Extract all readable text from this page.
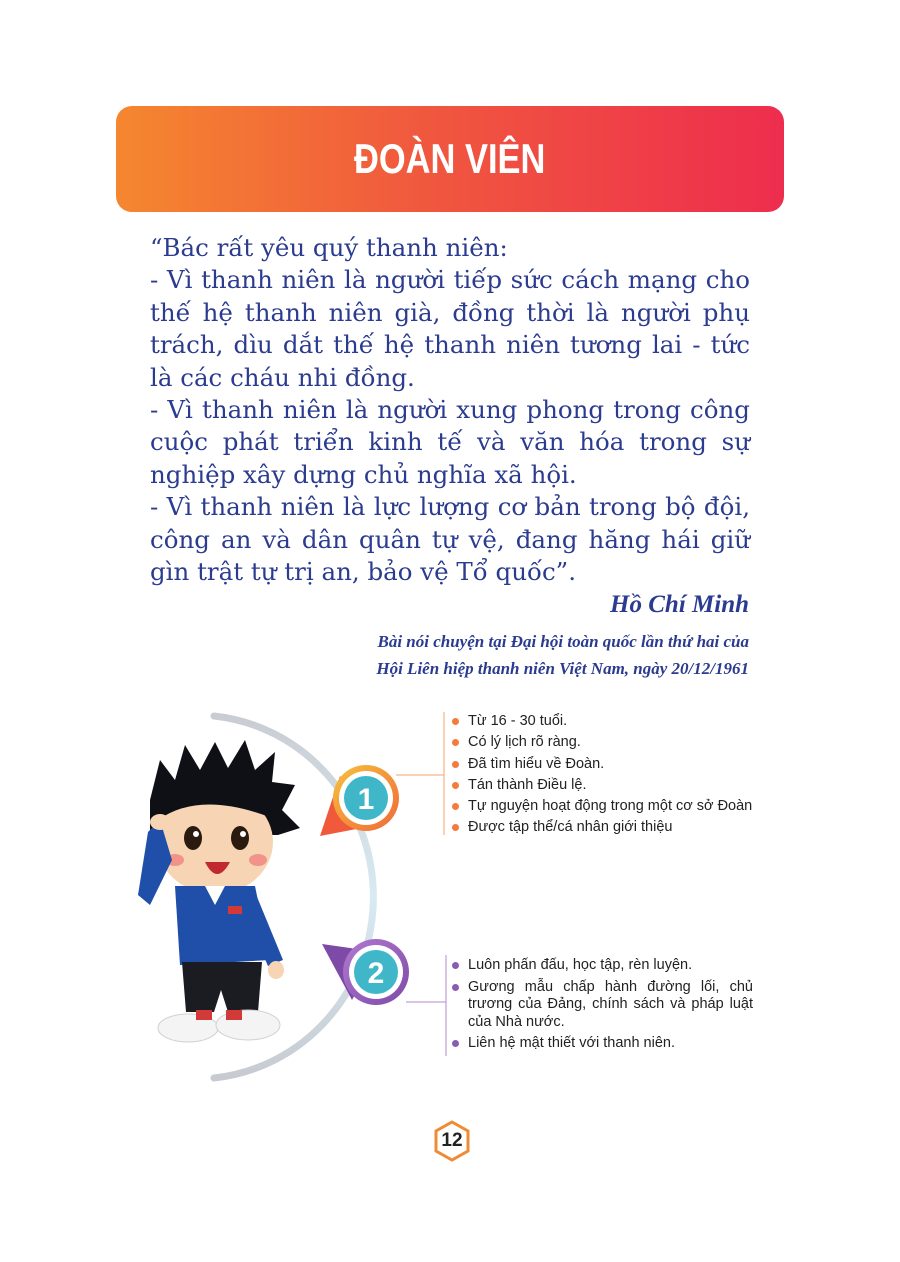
ĐOÀN VIÊN

“Bác rất yêu quý thanh niên:

- Vì thanh niên là người tiếp sức cách mạng cho thế hệ thanh niên già, đồng thời là người phụ trách, dìu dắt thế hệ thanh niên tương lai - tức là các cháu nhi đồng.

- Vì thanh niên là người xung phong trong công cuộc phát triển kinh tế và văn hóa trong sự nghiệp xây dựng chủ nghĩa xã hội.

- Vì thanh niên là lực lượng cơ bản trong bộ đội, công an và dân quân tự vệ, đang hăng hái giữ gìn trật tự trị an, bảo vệ Tổ quốc”.

Hồ Chí Minh
Bài nói chuyện tại Đại hội toàn quốc lần thứ hai của
Hội Liên hiệp thanh niên Việt Nam, ngày 20/12/1961
1
2
Từ 16 - 30 tuổi.
Có lý lịch rõ ràng.
Đã tìm hiểu về Đoàn.
Tán thành Điều lệ.
Tự nguyện hoạt động trong một cơ sở Đoàn
Được tập thể/cá nhân giới thiệu
Luôn phấn đấu, học tập, rèn luyện.
Gương mẫu chấp hành đường lối, chủ trương của Đảng, chính sách và pháp luật của Nhà nước.
Liên hệ mật thiết với thanh niên.
12
